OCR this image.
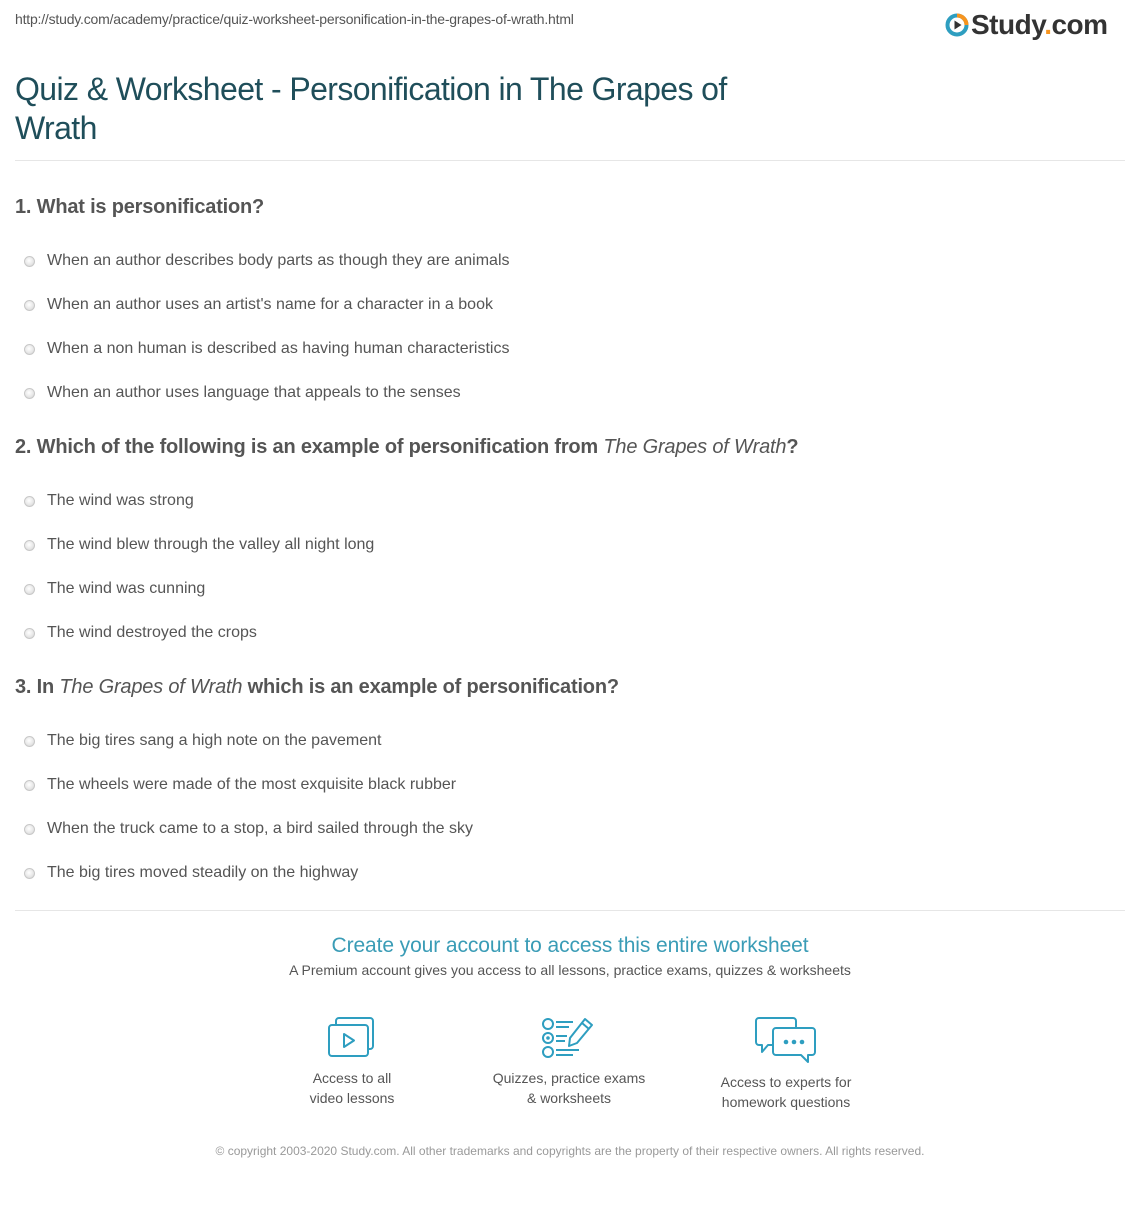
http://study.com/academy/practice/quiz-worksheet-personification-in-the-grapes-of-wrath.html	Study.com
Quiz & Worksheet - Personification in The Grapes of Wrath
1. What is personification?
When an author describes body parts as though they are animals
When an author uses an artist's name for a character in a book
When a non human is described as having human characteristics
When an author uses language that appeals to the senses
2. Which of the following is an example of personification from The Grapes of Wrath?
The wind was strong
The wind blew through the valley all night long
The wind was cunning
The wind destroyed the crops
3. In The Grapes of Wrath which is an example of personification?
The big tires sang a high note on the pavement
The wheels were made of the most exquisite black rubber
When the truck came to a stop, a bird sailed through the sky
The big tires moved steadily on the highway
Create your account to access this entire worksheet
A Premium account gives you access to all lessons, practice exams, quizzes & worksheets
Access to all
video lessons
Quizzes, practice exams
& worksheets
Access to experts for
homework questions
© copyright 2003-2020 Study.com. All other trademarks and copyrights are the property of their respective owners. All rights reserved.
